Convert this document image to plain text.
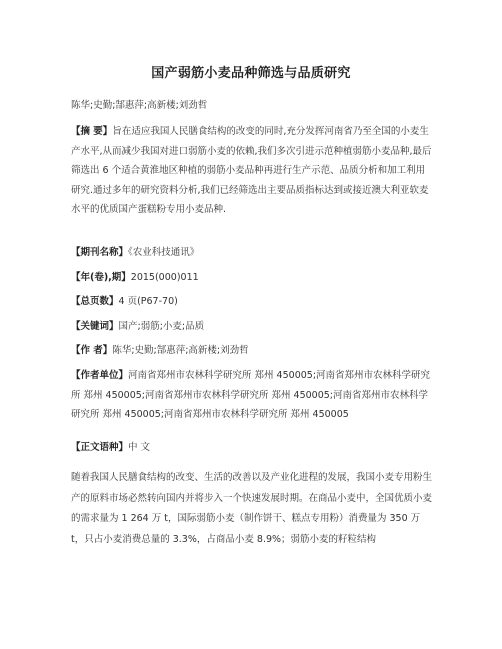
国产弱筋小麦品种筛选与品质研究
陈华;史勤;郜惠萍;高新楼;刘劲哲
【摘 要】旨在适应我国人民膳食结构的改变的同时,充分发挥河南省乃至全国的小麦生产水平,从而减少我国对进口弱筋小麦的依赖,我们多次引进示范种植弱筋小麦品种,最后筛选出 6 个适合黄淮地区种植的弱筋小麦品种再进行生产示范、品质分析和加工利用研究.通过多年的研究资料分析,我们已经筛选出主要品质指标达到或接近澳大利亚软麦水平的优质国产蛋糕粉专用小麦品种.
【期刊名称】《农业科技通讯》
【年(卷),期】2015(000)011
【总页数】4 页(P67-70)
【关键词】国产;弱筋;小麦;品质
【作 者】陈华;史勤;郜惠萍;高新楼;刘劲哲
【作者单位】河南省郑州市农林科学研究所 郑州 450005;河南省郑州市农林科学研究所 郑州 450005;河南省郑州市农林科学研究所 郑州 450005;河南省郑州市农林科学研究所 郑州 450005;河南省郑州市农林科学研究所 郑州 450005
【正文语种】中 文
随着我国人民膳食结构的改变、生活的改善以及产业化进程的发展，我国小麦专用粉生产的原料市场必然转向国内并将步入一个快速发展时期。在商品小麦中，全国优质小麦的需求量为 1 264 万 t，国际弱筋小麦（制作饼干、糕点专用粉）消费量为 350 万 t，只占小麦消费总量的 3.3%，占商品小麦 8.9%；弱筋小麦的籽粒结构
